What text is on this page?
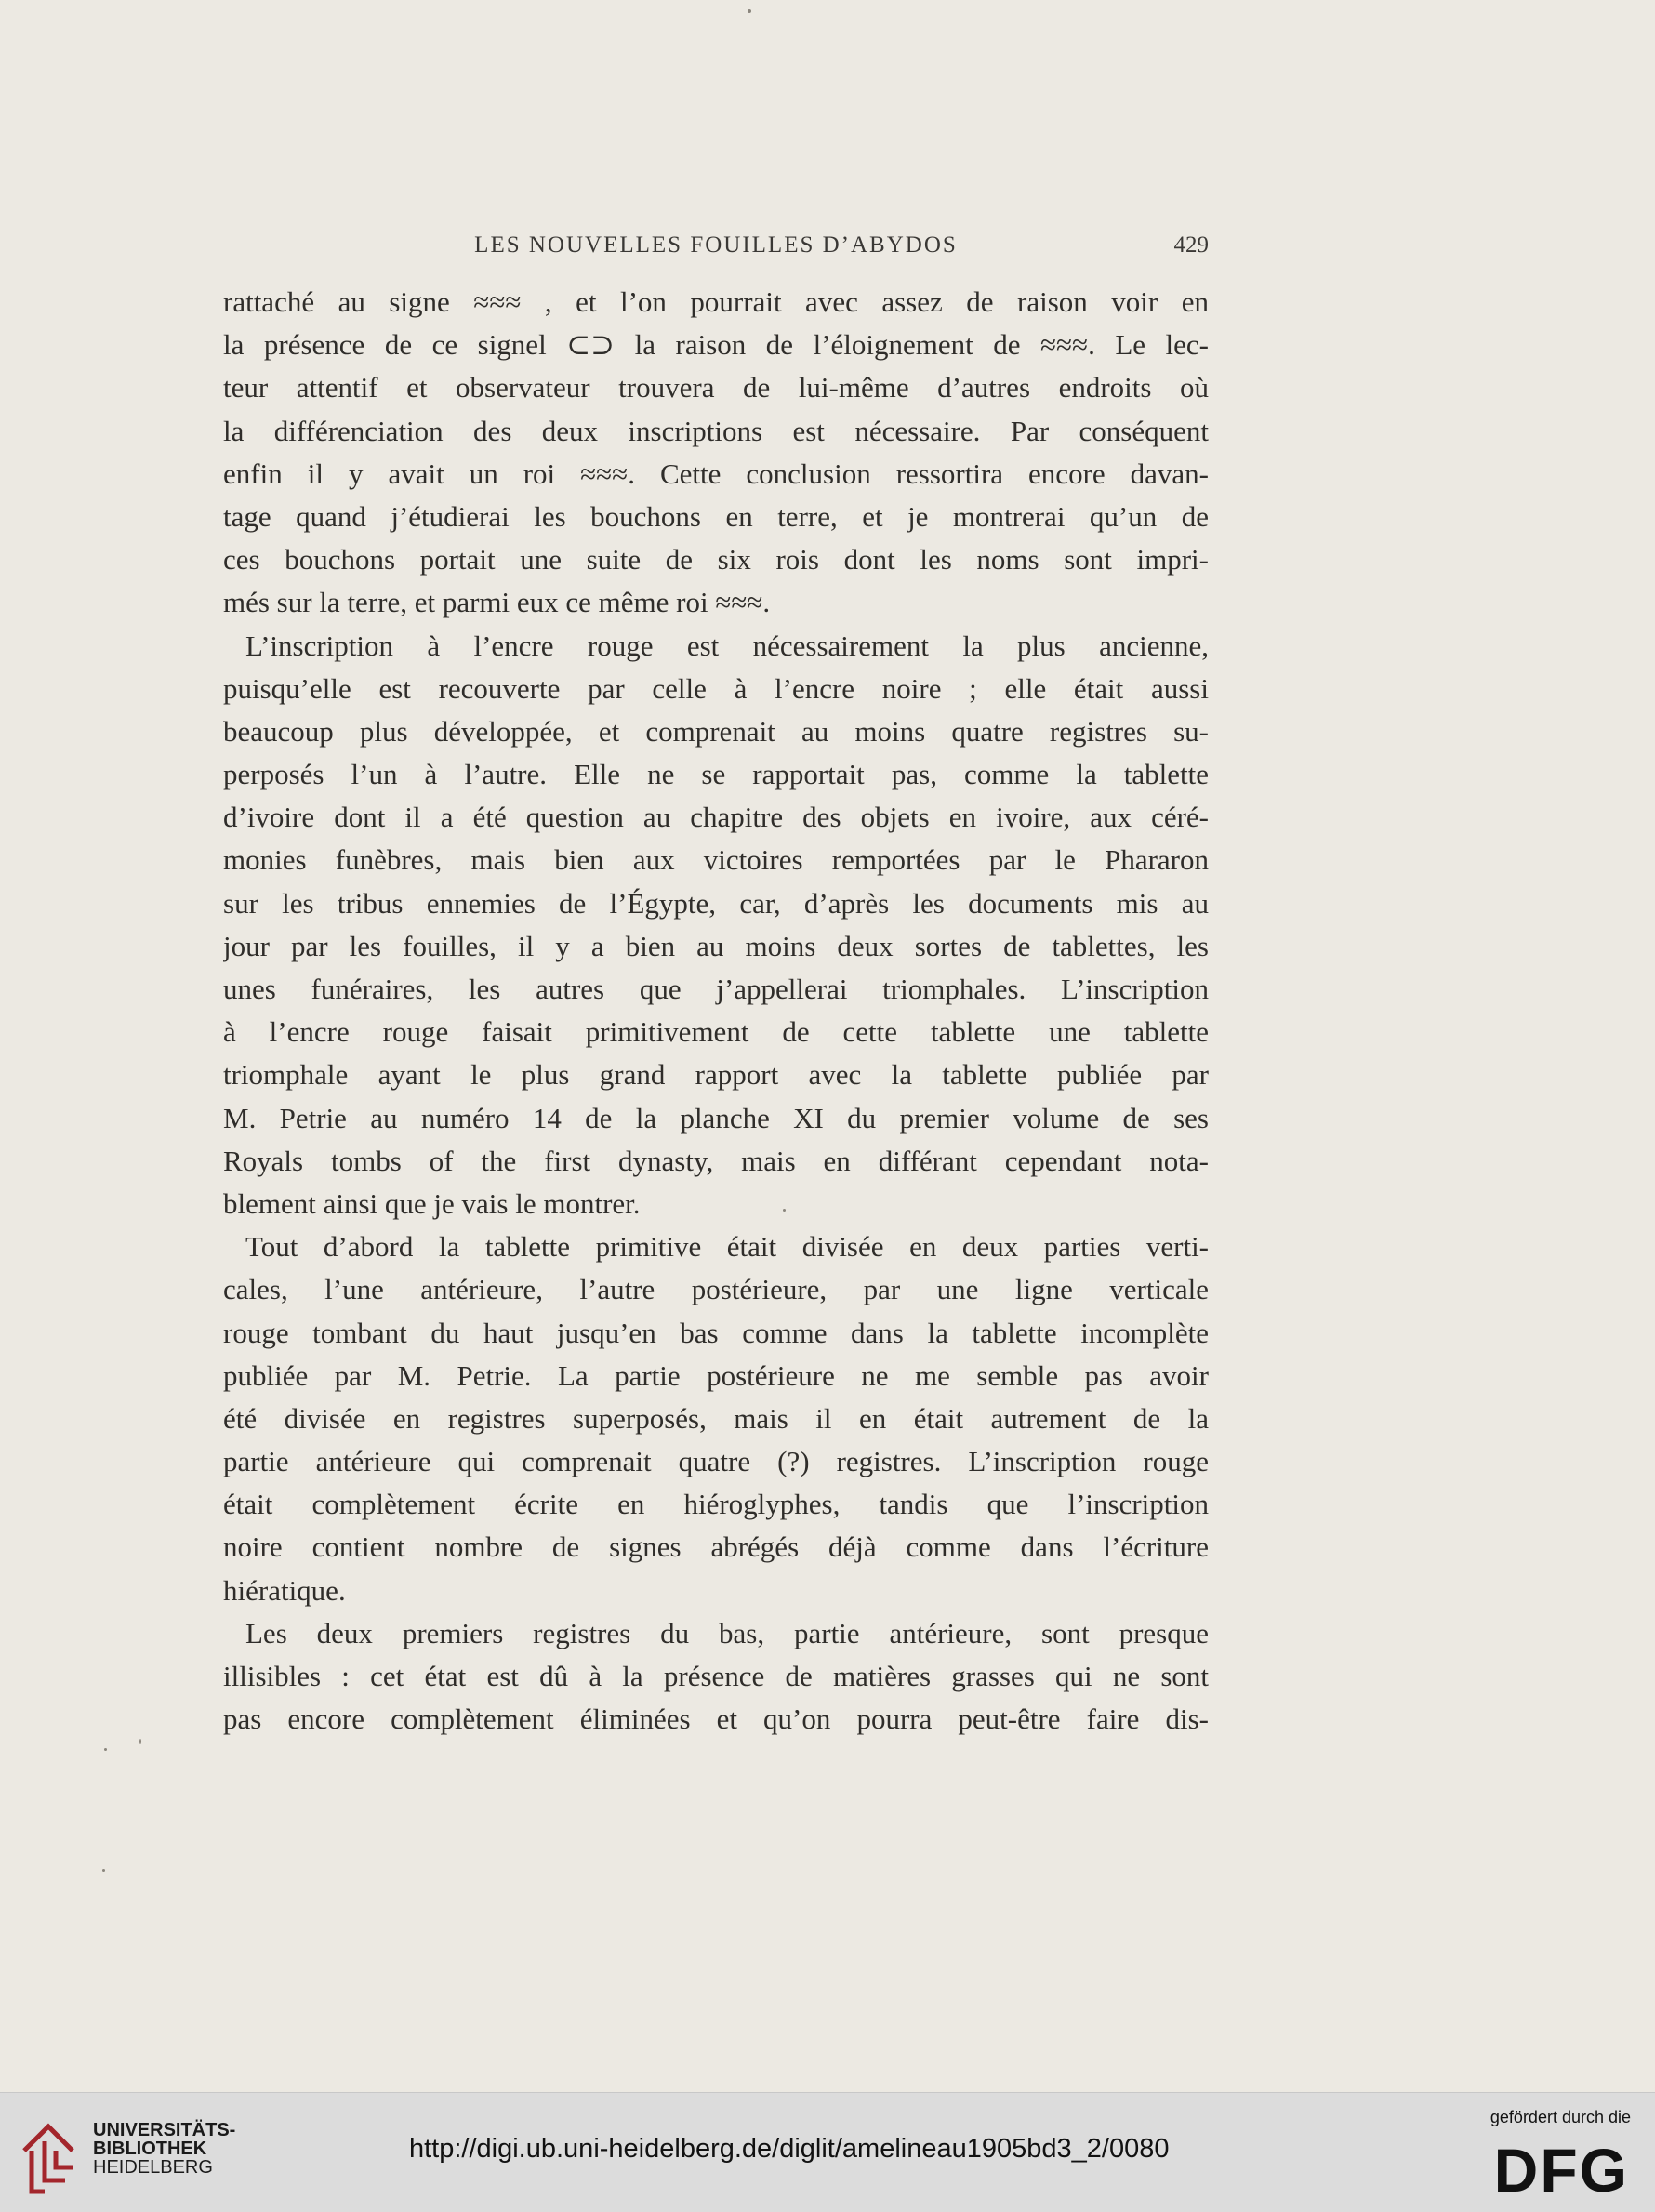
LES NOUVELLES FOUILLES D’ABYDOS	429
rattaché au signe ≈≈≈ , et l’on pourrait avec assez de raison voir en
la présence de ce signel ⊂⊃ la raison de l’éloignement de ≈≈≈. Le lec-
teur attentif et observateur trouvera de lui-même d’autres endroits où
la différenciation des deux inscriptions est nécessaire. Par conséquent
enfin il y avait un roi ≈≈≈. Cette conclusion ressortira encore davan-
tage quand j’étudierai les bouchons en terre, et je montrerai qu’un de
ces bouchons portait une suite de six rois dont les noms sont impri-
més sur la terre, et parmi eux ce même roi ≈≈≈.
L’inscription à l’encre rouge est nécessairement la plus ancienne,
puisqu’elle est recouverte par celle à l’encre noire ; elle était aussi
beaucoup plus développée, et comprenait au moins quatre registres su-
perposés l’un à l’autre. Elle ne se rapportait pas, comme la tablette
d’ivoire dont il a été question au chapitre des objets en ivoire, aux céré-
monies funèbres, mais bien aux victoires remportées par le Phararon
sur les tribus ennemies de l’Égypte, car, d’après les documents mis au
jour par les fouilles, il y a bien au moins deux sortes de tablettes, les
unes funéraires, les autres que j’appellerai triomphales. L’inscription
à l’encre rouge faisait primitivement de cette tablette une tablette
triomphale ayant le plus grand rapport avec la tablette publiée par
M. Petrie au numéro 14 de la planche XI du premier volume de ses
Royals tombs of the first dynasty, mais en différant cependant nota-
blement ainsi que je vais le montrer.
Tout d’abord la tablette primitive était divisée en deux parties verti-
cales, l’une antérieure, l’autre postérieure, par une ligne verticale
rouge tombant du haut jusqu’en bas comme dans la tablette incomplète
publiée par M. Petrie. La partie postérieure ne me semble pas avoir
été divisée en registres superposés, mais il en était autrement de la
partie antérieure qui comprenait quatre (?) registres. L’inscription rouge
était complètement écrite en hiéroglyphes, tandis que l’inscription
noire contient nombre de signes abrégés déjà comme dans l’écriture
hiératique.
Les deux premiers registres du bas, partie antérieure, sont presque
illisibles : cet état est dû à la présence de matières grasses qui ne sont
pas encore complètement éliminées et qu’on pourra peut-être faire dis-
UNIVERSITÄTS-
BIBLIOTHEK
HEIDELBERG
http://digi.ub.uni-heidelberg.de/diglit/amelineau1905bd3_2/0080
gefördert durch die
DFG
